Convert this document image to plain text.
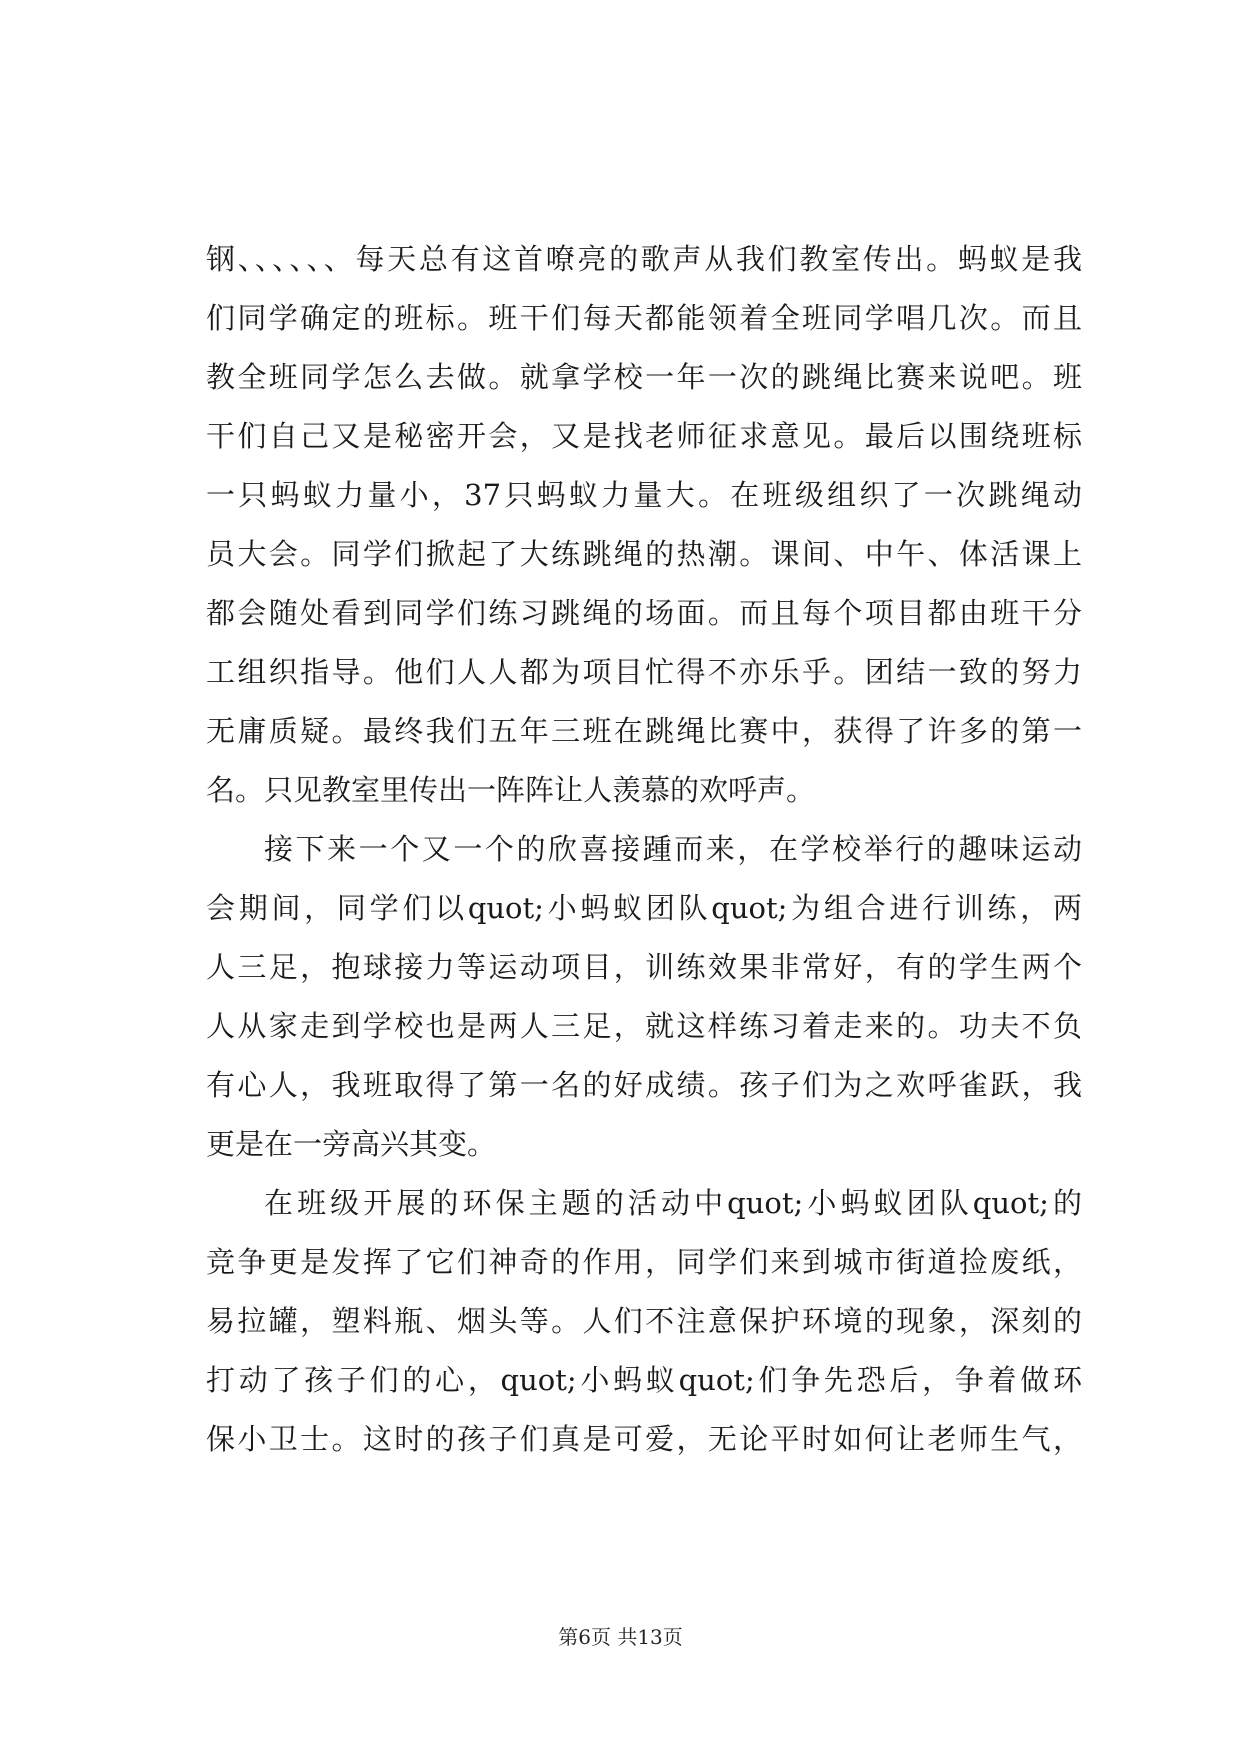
钢、、、、、、每天总有这首嘹亮的歌声从我们教室传出。蚂蚁是我
们同学确定的班标。班干们每天都能领着全班同学唱几次。而且
教全班同学怎么去做。就拿学校一年一次的跳绳比赛来说吧。班
干们自己又是秘密开会，又是找老师征求意见。最后以围绕班标
一只蚂蚁力量小，37只蚂蚁力量大。在班级组织了一次跳绳动
员大会。同学们掀起了大练跳绳的热潮。课间、中午、体活课上
都会随处看到同学们练习跳绳的场面。而且每个项目都由班干分
工组织指导。他们人人都为项目忙得不亦乐乎。团结一致的努力
无庸质疑。最终我们五年三班在跳绳比赛中，获得了许多的第一
名。只见教室里传出一阵阵让人羡慕的欢呼声。
接下来一个又一个的欣喜接踵而来，在学校举行的趣味运动
会期间，同学们以quot;小蚂蚁团队quot;为组合进行训练，两
人三足，抱球接力等运动项目，训练效果非常好，有的学生两个
人从家走到学校也是两人三足，就这样练习着走来的。功夫不负
有心人，我班取得了第一名的好成绩。孩子们为之欢呼雀跃，我
更是在一旁高兴其变。
在班级开展的环保主题的活动中quot;小蚂蚁团队quot;的
竞争更是发挥了它们神奇的作用，同学们来到城市街道捡废纸，
易拉罐，塑料瓶、烟头等。人们不注意保护环境的现象，深刻的
打动了孩子们的心，quot;小蚂蚁quot;们争先恐后，争着做环
保小卫士。这时的孩子们真是可爱，无论平时如何让老师生气，
第6页 共13页
